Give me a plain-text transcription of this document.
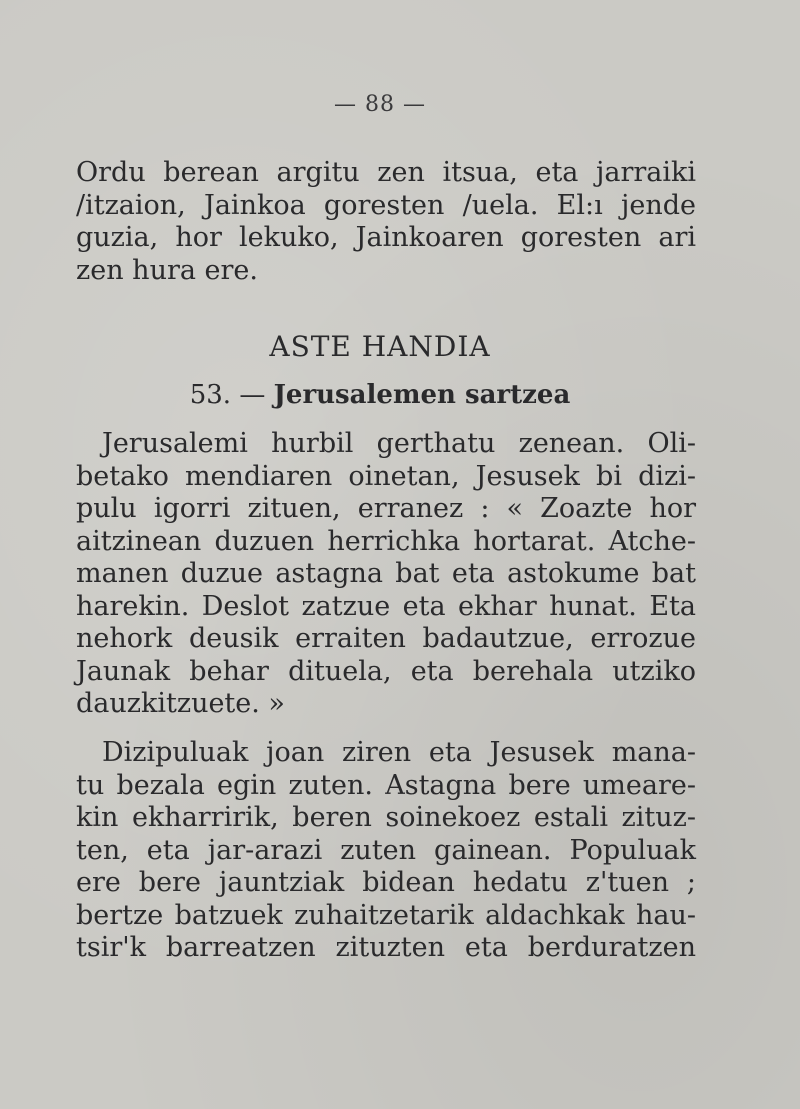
— 88 —
Ordu berean argitu zen itsua, eta jarraiki
/itzaion, Jainkoa goresten /uela. El:ı jende
guzia, hor lekuko, Jainkoaren goresten ari
zen hura ere.
ASTE HANDIA
53. — Jerusalemen sartzea
Jerusalemi hurbil gerthatu zenean. Oli-
betako mendiaren oinetan, Jesusek bi dizi-
pulu igorri zituen, erranez : « Zoazte hor
aitzinean duzuen herrichka hortarat. Atche-
manen duzue astagna bat eta astokume bat
harekin. Deslot zatzue eta ekhar hunat. Eta
nehork deusik erraiten badautzue, errozue
Jaunak behar dituela, eta berehala utziko
dauzkitzuete. »
Dizipuluak joan ziren eta Jesusek mana-
tu bezala egin zuten. Astagna bere umeare-
kin ekharririk, beren soinekoez estali zituz-
ten, eta jar-arazi zuten gainean. Populuak
ere bere jauntziak bidean hedatu z'tuen ;
bertze batzuek zuhaitzetarik aldachkak hau-
tsir'k barreatzen zituzten eta berduratzen
